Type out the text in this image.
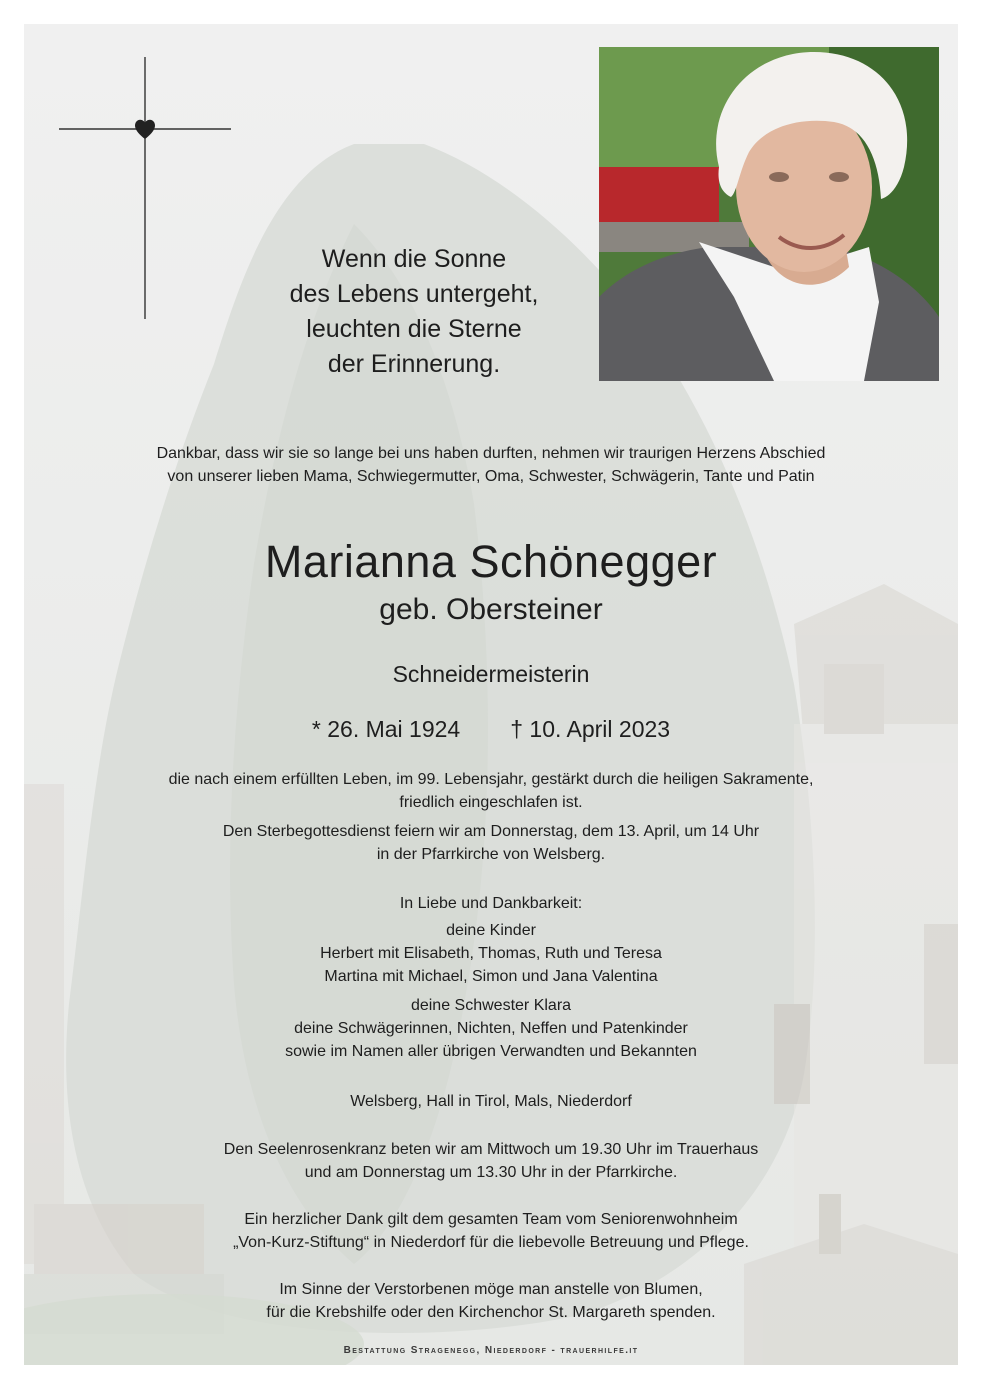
Wenn die Sonne
des Lebens untergeht,
leuchten die Sterne
der Erinnerung.
Dankbar, dass wir sie so lange bei uns haben durften, nehmen wir traurigen Herzens Abschied
von unserer lieben Mama, Schwiegermutter, Oma, Schwester, Schwägerin, Tante und Patin
Marianna Schönegger
geb. Obersteiner
Schneidermeisterin
* 26. Mai 1924 † 10. April 2023
die nach einem erfüllten Leben, im 99. Lebensjahr, gestärkt durch die heiligen Sakramente,
friedlich eingeschlafen ist.
Den Sterbegottesdienst feiern wir am Donnerstag, dem 13. April, um 14 Uhr
in der Pfarrkirche von Welsberg.
In Liebe und Dankbarkeit:
deine Kinder
Herbert mit Elisabeth, Thomas, Ruth und Teresa
Martina mit Michael, Simon und Jana Valentina
deine Schwester Klara
deine Schwägerinnen, Nichten, Neffen und Patenkinder
sowie im Namen aller übrigen Verwandten und Bekannten
Welsberg, Hall in Tirol, Mals, Niederdorf
Den Seelenrosenkranz beten wir am Mittwoch um 19.30 Uhr im Trauerhaus
und am Donnerstag um 13.30 Uhr in der Pfarrkirche.
Ein herzlicher Dank gilt dem gesamten Team vom Seniorenwohnheim
„Von-Kurz-Stiftung“ in Niederdorf für die liebevolle Betreuung und Pflege.
Im Sinne der Verstorbenen möge man anstelle von Blumen,
für die Krebshilfe oder den Kirchenchor St. Margareth spenden.
Bestattung Stragenegg, Niederdorf - trauerhilfe.it
